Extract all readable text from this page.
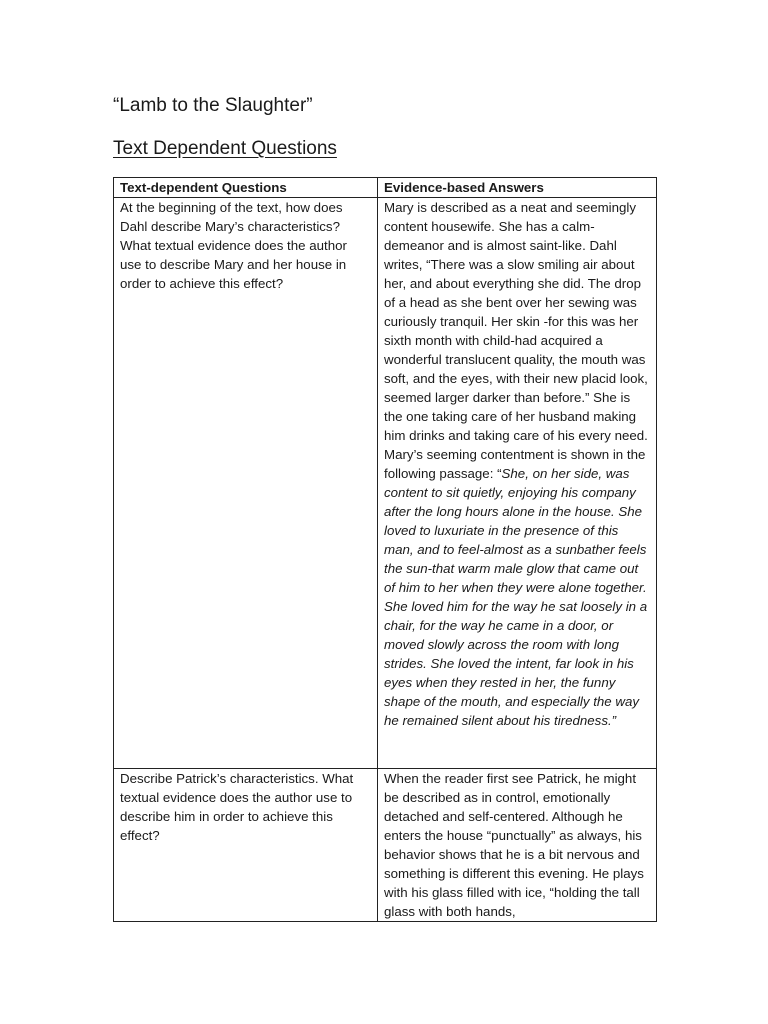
“Lamb to the Slaughter”
Text Dependent Questions
Text-dependent Questions	Evidence-based Answers

At the beginning of the text, how does Dahl describe Mary’s characteristics? What textual evidence does the author use to describe Mary and her house in order to achieve this effect?	Mary is described as a neat and seemingly content housewife. She has a calm-demeanor and is almost saint-like. Dahl writes, “There was a slow smiling air about her, and about everything she did. The drop of a head as she bent over her sewing was curiously tranquil. Her skin -for this was her sixth month with child-had acquired a wonderful translucent quality, the mouth was soft, and the eyes, with their new placid look, seemed larger darker than before.” She is the one taking care of her husband making him drinks and taking care of his every need. Mary’s seeming contentment is shown in the following passage: “She, on her side, was content to sit quietly, enjoying his company after the long hours alone in the house. She loved to luxuriate in the presence of this man, and to feel-almost as a sunbather feels the sun-that warm male glow that came out of him to her when they were alone together. She loved him for the way he sat loosely in a chair, for the way he came in a door, or moved slowly across the room with long strides. She loved the intent, far look in his eyes when they rested in her, the funny shape of the mouth, and especially the way he remained silent about his tiredness.”

Describe Patrick’s characteristics. What textual evidence does the author use to describe him in order to achieve this effect?	When the reader first see Patrick, he might be described as in control, emotionally detached and self-centered. Although he enters the house “punctually” as always, his behavior shows that he is a bit nervous and something is different this evening. He plays with his glass filled with ice, “holding the tall glass with both hands,
